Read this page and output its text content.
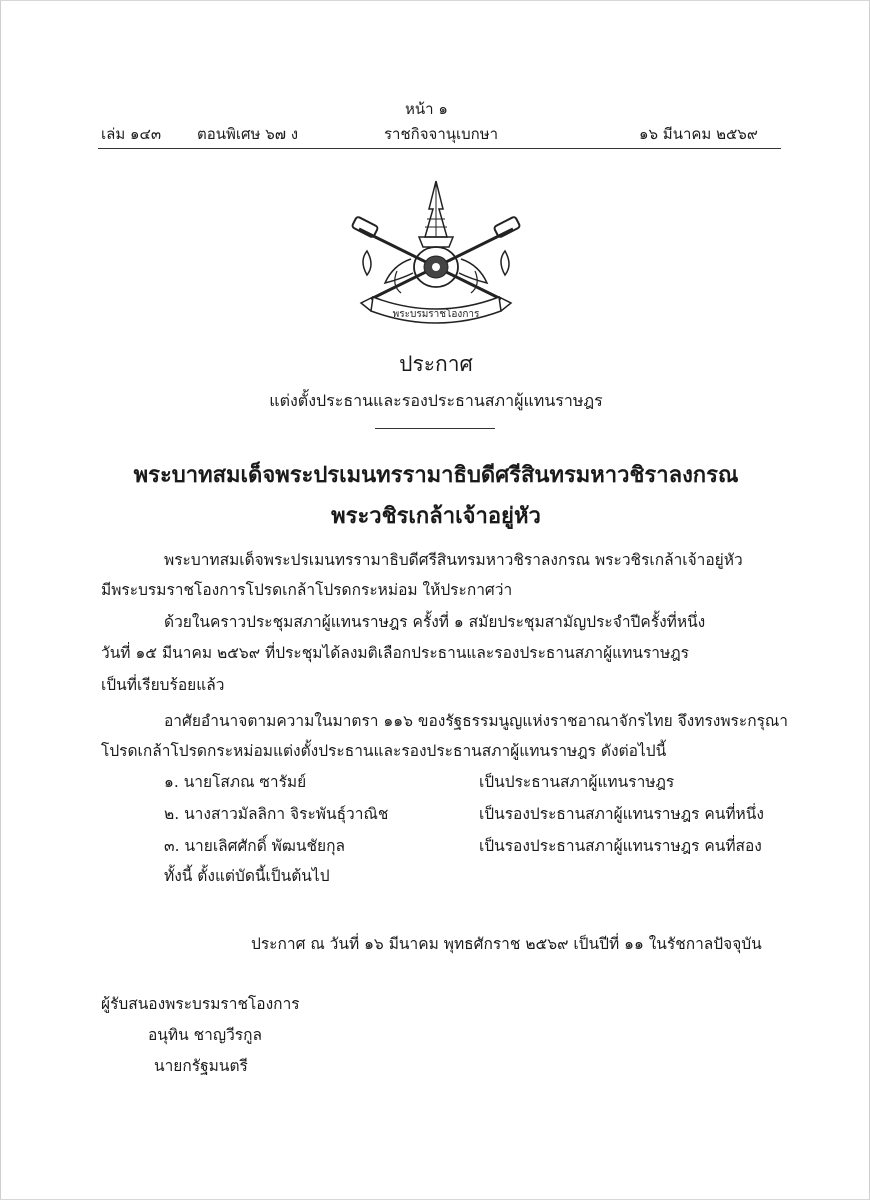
หน้า ๑
เล่ม ๑๔๓ ตอนพิเศษ ๖๗ ง	ราชกิจจานุเบกษา	๑๖ มีนาคม ๒๕๖๙
พระบรมราชโองการ
ประกาศ
แต่งตั้งประธานและรองประธานสภาผู้แทนราษฎร
พระบาทสมเด็จพระปรเมนทรรามาธิบดีศรีสินทรมหาวชิราลงกรณ
พระวชิรเกล้าเจ้าอยู่หัว
พระบาทสมเด็จพระปรเมนทรรามาธิบดีศรีสินทรมหาวชิราลงกรณ พระวชิรเกล้าเจ้าอยู่หัว
มีพระบรมราชโองการโปรดเกล้าโปรดกระหม่อม ให้ประกาศว่า
ด้วยในคราวประชุมสภาผู้แทนราษฎร ครั้งที่ ๑ สมัยประชุมสามัญประจำปีครั้งที่หนึ่ง
วันที่ ๑๕ มีนาคม ๒๕๖๙ ที่ประชุมได้ลงมติเลือกประธานและรองประธานสภาผู้แทนราษฎร
เป็นที่เรียบร้อยแล้ว
อาศัยอำนาจตามความในมาตรา ๑๑๖ ของรัฐธรรมนูญแห่งราชอาณาจักรไทย จึงทรงพระกรุณา
โปรดเกล้าโปรดกระหม่อมแต่งตั้งประธานและรองประธานสภาผู้แทนราษฎร ดังต่อไปนี้
๑. นายโสภณ ซารัมย์	เป็นประธานสภาผู้แทนราษฎร
๒. นางสาวมัลลิกา จิระพันธุ์วาณิช	เป็นรองประธานสภาผู้แทนราษฎร คนที่หนึ่ง
๓. นายเลิศศักดิ์ พัฒนชัยกุล	เป็นรองประธานสภาผู้แทนราษฎร คนที่สอง
ทั้งนี้ ตั้งแต่บัดนี้เป็นต้นไป
ประกาศ ณ วันที่ ๑๖ มีนาคม พุทธศักราช ๒๕๖๙ เป็นปีที่ ๑๑ ในรัชกาลปัจจุบัน
ผู้รับสนองพระบรมราชโองการ
อนุทิน ชาญวีรกูล
นายกรัฐมนตรี
